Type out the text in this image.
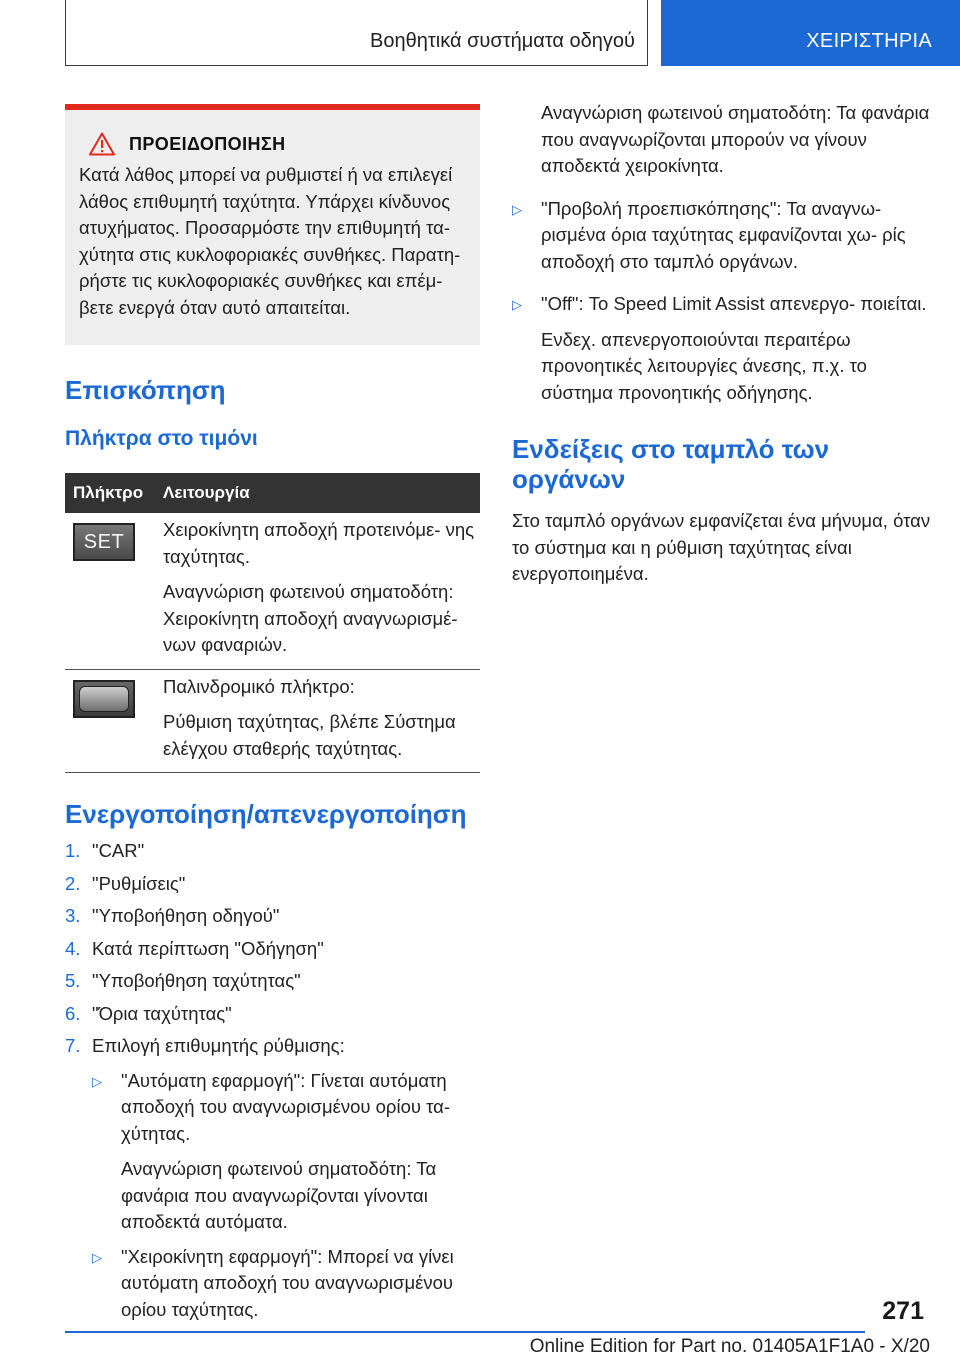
Βοηθητικά συστήματα οδηγού	ΧΕΙΡΙΣΤΗΡΙΑ
ΠΡΟΕΙΔΟΠΟΙΗΣΗ

Κατά λάθος μπορεί να ρυθμιστεί ή να επιλεγεί λάθος επιθυμητή ταχύτητα. Υπάρχει κίνδυνος ατυχήματος. Προσαρμόστε την επιθυμητή τα- χύτητα στις κυκλοφοριακές συνθήκες. Παρατη- ρήστε τις κυκλοφοριακές συνθήκες και επέμ- βετε ενεργά όταν αυτό απαιτείται.

Επισκόπηση
Πλήκτρα στο τιμόνι
Πλήκτρο	Λειτουργία

SET	Χειροκίνητη αποδοχή προτεινόμε- νης ταχύτητας.

Αναγνώριση φωτεινού σηματοδότη: Χειροκίνητη αποδοχή αναγνωρισμέ- νων φαναριών.

	Παλινδρομικό πλήκτρο:

Ρύθμιση ταχύτητας, βλέπε Σύστημα ελέγχου σταθερής ταχύτητας.

Ενεργοποίηση/απενεργοποίηση
1. "CAR"
2. "Ρυθμίσεις"
3. "Υποβοήθηση οδηγού"
4. Κατά περίπτωση "Οδήγηση"
5. "Υποβοήθηση ταχύτητας"
6. "Όρια ταχύτητας"
7. Επιλογή επιθυμητής ρύθμισης:
▷	"Αυτόματη εφαρμογή": Γίνεται αυτόματη αποδοχή του αναγνωρισμένου ορίου τα- χύτητας.

Αναγνώριση φωτεινού σηματοδότη: Τα φανάρια που αναγνωρίζονται γίνονται αποδεκτά αυτόματα.

▷	"Χειροκίνητη εφαρμογή": Μπορεί να γίνει αυτόματη αποδοχή του αναγνωρισμένου ορίου ταχύτητας.

Αναγνώριση φωτεινού σηματοδότη: Τα φανάρια που αναγνωρίζονται μπορούν να γίνουν αποδεκτά χειροκίνητα.

▷	"Προβολή προεπισκόπησης": Τα αναγνω- ρισμένα όρια ταχύτητας εμφανίζονται χω- ρίς αποδοχή στο ταμπλό οργάνων.

▷	"Off": Το Speed Limit Assist απενεργο- ποιείται.

Ενδεχ. απενεργοποιούνται περαιτέρω προνοητικές λειτουργίες άνεσης, π.χ. το σύστημα προνοητικής οδήγησης.

Ενδείξεις στο ταμπλό των οργάνων

Στο ταμπλό οργάνων εμφανίζεται ένα μήνυμα, όταν το σύστημα και η ρύθμιση ταχύτητας είναι ενεργοποιημένα.

271
Online Edition for Part no. 01405A1F1A0 - X/20
